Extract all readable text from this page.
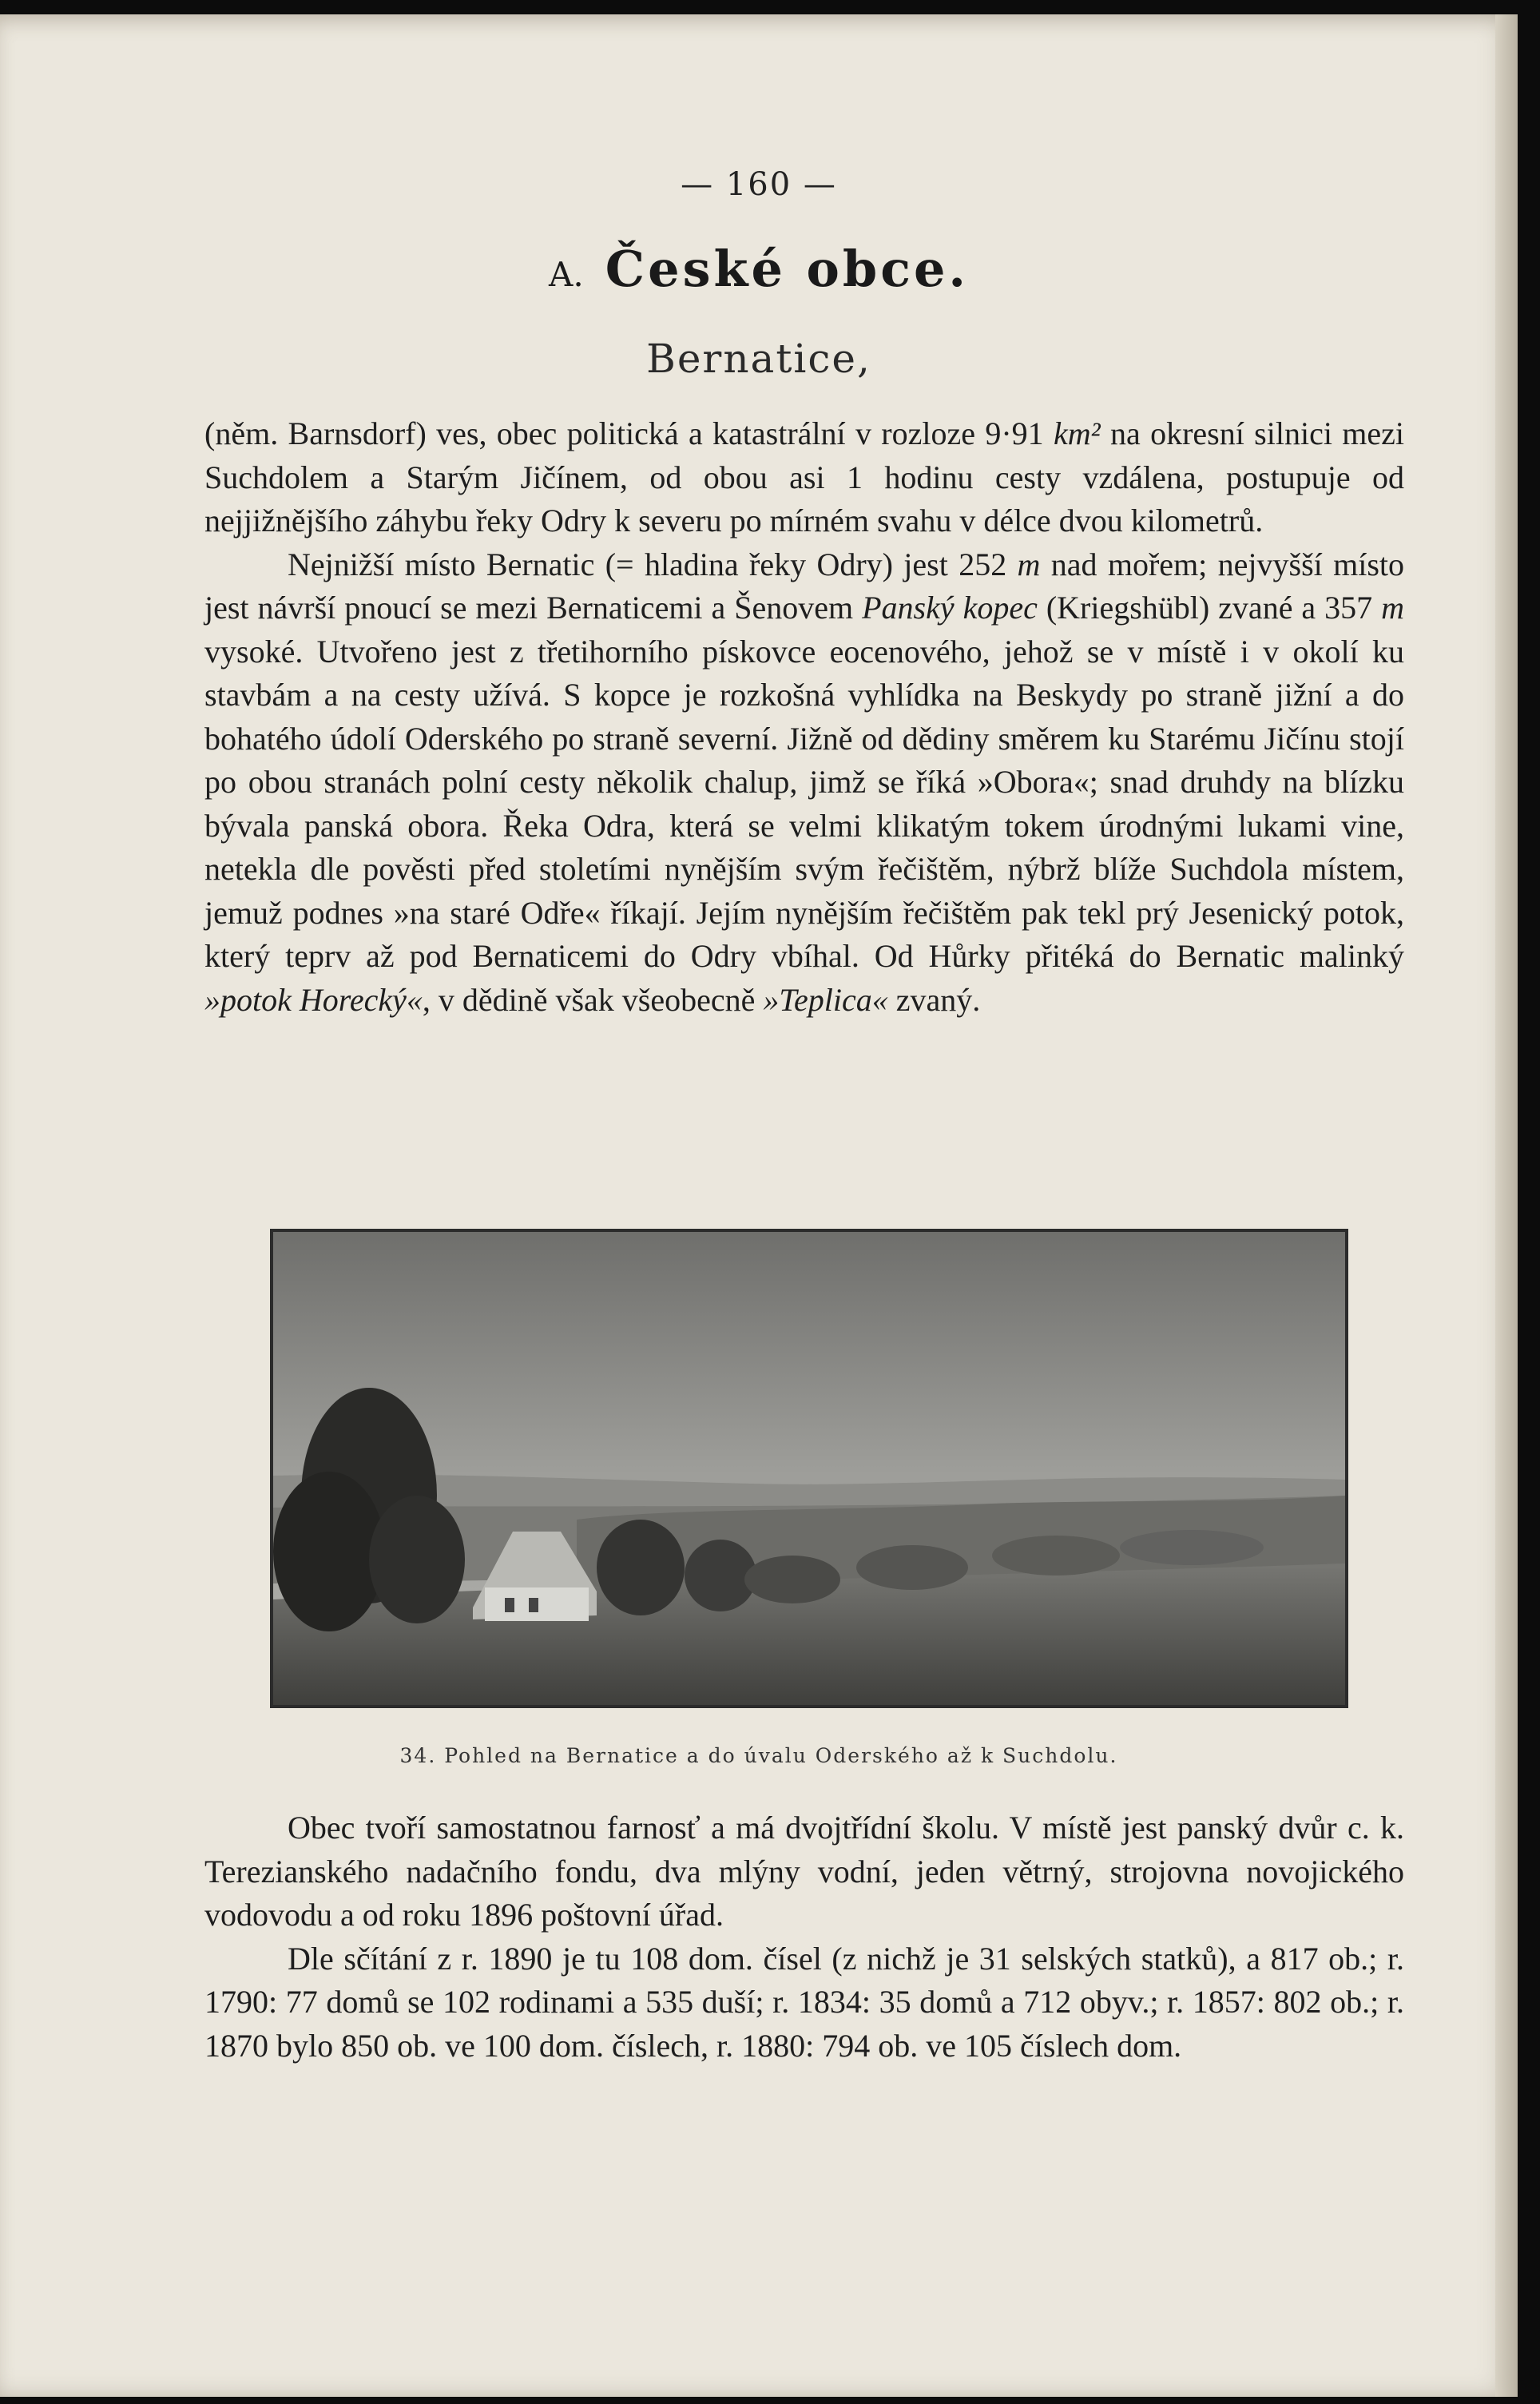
— 160 —
A. České obce.
Bernatice,

(něm. Barnsdorf) ves, obec politická a katastrální v rozloze 9·91 km² na okresní silnici mezi Suchdolem a Starým Jičínem, od obou asi 1 hodinu cesty vzdálena, postupuje od nejjižnějšího záhybu řeky Odry k severu po mírném svahu v délce dvou kilometrů.

Nejnižší místo Bernatic (= hladina řeky Odry) jest 252 m nad mořem; nejvyšší místo jest návrší pnoucí se mezi Bernaticemi a Šenovem Panský kopec (Kriegshübl) zvané a 357 m vysoké. Utvořeno jest z třetihorního pískovce eocenového, jehož se v místě i v okolí ku stavbám a na cesty užívá. S kopce je rozkošná vyhlídka na Beskydy po straně jižní a do bohatého údolí Oderského po straně severní. Jižně od dědiny směrem ku Starému Jičínu stojí po obou stranách polní cesty několik chalup, jimž se říká »Obora«; snad druhdy na blízku bývala panská obora. Řeka Odra, která se velmi klikatým tokem úrodnými lukami vine, netekla dle pověsti před stoletími nynějším svým řečištěm, nýbrž blíže Suchdola místem, jemuž podnes »na staré Odře« říkají. Jejím nynějším řečištěm pak tekl prý Jesenický potok, který teprv až pod Bernaticemi do Odry vbíhal. Od Hůrky přitéká do Bernatic malinký »potok Horecký«, v dědině však všeobecně »Teplica« zvaný.

34. Pohled na Bernatice a do úvalu Oderského až k Suchdolu.

Obec tvoří samostatnou farnosť a má dvojtřídní školu. V místě jest panský dvůr c. k. Terezianského nadačního fondu, dva mlýny vodní, jeden větrný, strojovna novojického vodovodu a od roku 1896 poštovní úřad.

Dle sčítání z r. 1890 je tu 108 dom. čísel (z nichž je 31 selských statků), a 817 ob.; r. 1790: 77 domů se 102 rodinami a 535 duší; r. 1834: 35 domů a 712 obyv.; r. 1857: 802 ob.; r. 1870 bylo 850 ob. ve 100 dom. číslech, r. 1880: 794 ob. ve 105 číslech dom.
